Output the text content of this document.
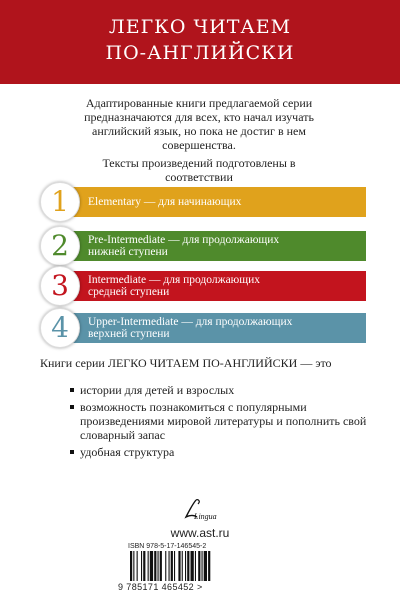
ЛЕГКО ЧИТАЕМ
ПО-АНГЛИЙСКИ
Адаптированные книги предлагаемой серии
предназначаются для всех, кто начал изучать
английский язык, но пока не достиг в нем
совершенства.
Тексты произведений подготовлены в соответствии
Elementary — для начинающих
1
Pre-Intermediate — для продолжающих
нижней ступени
2
Intermediate — для продолжающих
средней ступени
3
Upper-Intermediate — для продолжающих
верхней ступени
4
Книги серии ЛЕГКО ЧИТАЕМ ПО-АНГЛИЙСКИ — это
истории для детей и взрослых
возможность познакомиться с популярными произведениями мировой литературы и пополнить свой словарный запас
удобная структура
Lingua
www.ast.ru
ISBN 978-5-17-146545-2
9 785171 465452 >
